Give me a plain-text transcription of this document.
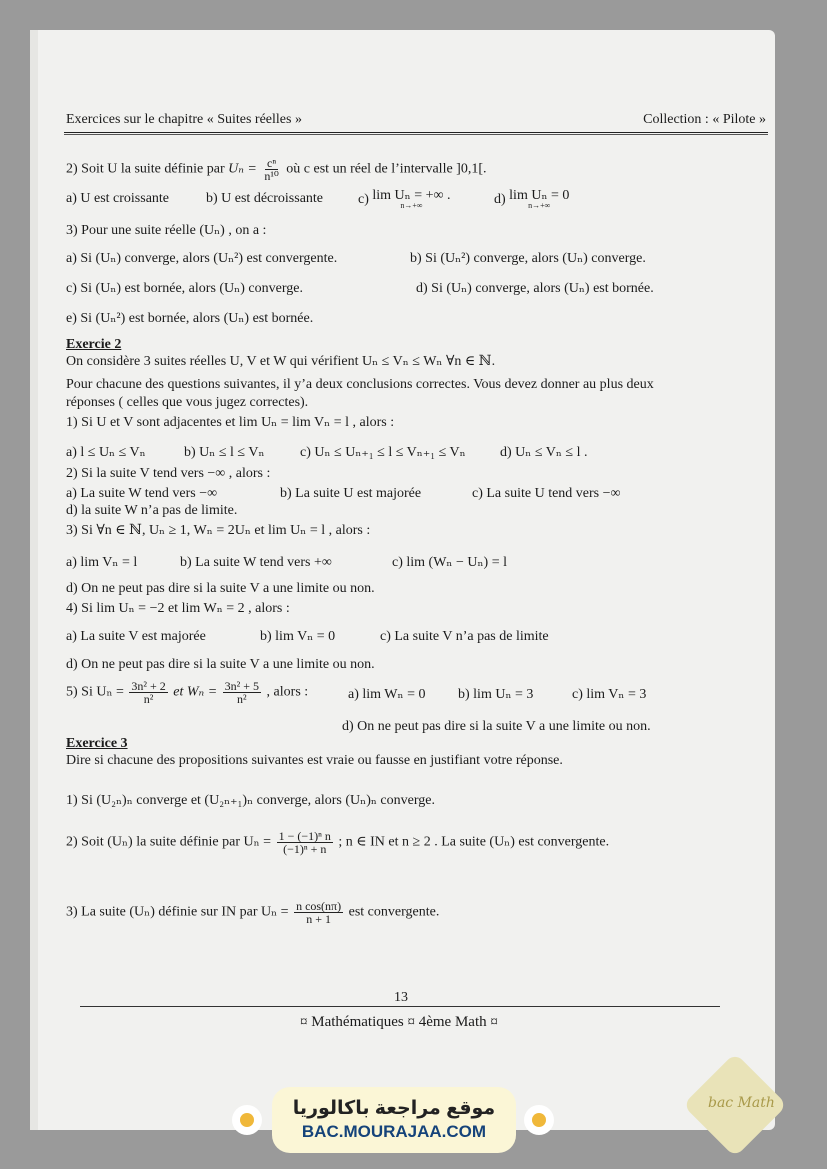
Exercices sur le chapitre « Suites réelles »	Collection : « Pilote »
2) Soit U la suite définie par $U_n = \frac{\text{cⁿ}}{\text{n¹⁰}}$ où c est un réel de l’intervalle ]0,1[.
a) U est croissante	b) U est décroissante c) lim Uₙ = +∞ .
n→+∞	d) lim Uₙ = 0
n→+∞
3) Pour une suite réelle (Uₙ) , on a :
a) Si (Uₙ) converge, alors (Uₙ²) est convergente.	b) Si (Uₙ²) converge, alors (Uₙ) converge.
c) Si (Uₙ) est bornée, alors (Uₙ) converge.	d) Si (Uₙ) converge, alors (Uₙ) est bornée.
e) Si (Uₙ²) est bornée, alors (Uₙ) est bornée.
Exercie 2
On considère 3 suites réelles U, V et W qui vérifient Uₙ ≤ Vₙ ≤ Wₙ ∀n ∈ ℕ.
Pour chacune des questions suivantes, il y’a deux conclusions correctes. Vous devez donner au plus deux
réponses ( celles que vous jugez correctes).
1) Si U et V sont adjacentes et lim Uₙ = lim Vₙ = l , alors :
a) l ≤ Uₙ ≤ Vₙ	b) Uₙ ≤ l ≤ Vₙ	c) Uₙ ≤ Uₙ₊₁ ≤ l ≤ Vₙ₊₁ ≤ Vₙ d) Uₙ ≤ Vₙ ≤ l .
2) Si la suite V tend vers −∞ , alors :
a) La suite W tend vers −∞	b) La suite U est majorée	c) La suite U tend vers −∞
d) la suite W n’a pas de limite.
3) Si ∀n ∈ ℕ, Uₙ ≥ 1, Wₙ = 2Uₙ et lim Uₙ = l , alors :
a) lim Vₙ = l	b) La suite W tend vers +∞	c) lim (Wₙ − Uₙ) = l
d) On ne peut pas dire si la suite V a une limite ou non.
4) Si lim Uₙ = −2 et lim Wₙ = 2 , alors :
a) La suite V est majorée	b) lim Vₙ = 0	c) La suite V n’a pas de limite
d) On ne peut pas dire si la suite V a une limite ou non.
5) Si $U_n = \frac{\text{3n² + 2}}{\text{n²}}$ et $W_n = \frac{\text{3n² + 5}}{\text{n²}}$ , alors :	a) lim Wₙ = 0 b) lim Uₙ = 3	c) lim Vₙ = 3
d) On ne peut pas dire si la suite V a une limite ou non.
Exercice 3
Dire si chacune des propositions suivantes est vraie ou fausse en justifiant votre réponse.
1) Si (U₂ₙ)ₙ converge et (U₂ₙ₊₁)ₙ converge, alors (Uₙ)ₙ converge.
2) Soit (Uₙ) la suite définie par $U_n = \frac{\text{1 − (−1)ⁿ n}}{\text{(−1)ⁿ + n}}$ ; n ∈ IN et n ≥ 2 . La suite (Uₙ) est convergente.
3) La suite (Uₙ) définie sur IN par $U_n = \frac{\text{n cos(nπ)}}{n + 1}$ est convergente.
13
¤ Mathématiques ¤ 4ème Math ¤
موقع مراجعة باكالوريا
BAC.MOURAJAA.COM
bac Math
